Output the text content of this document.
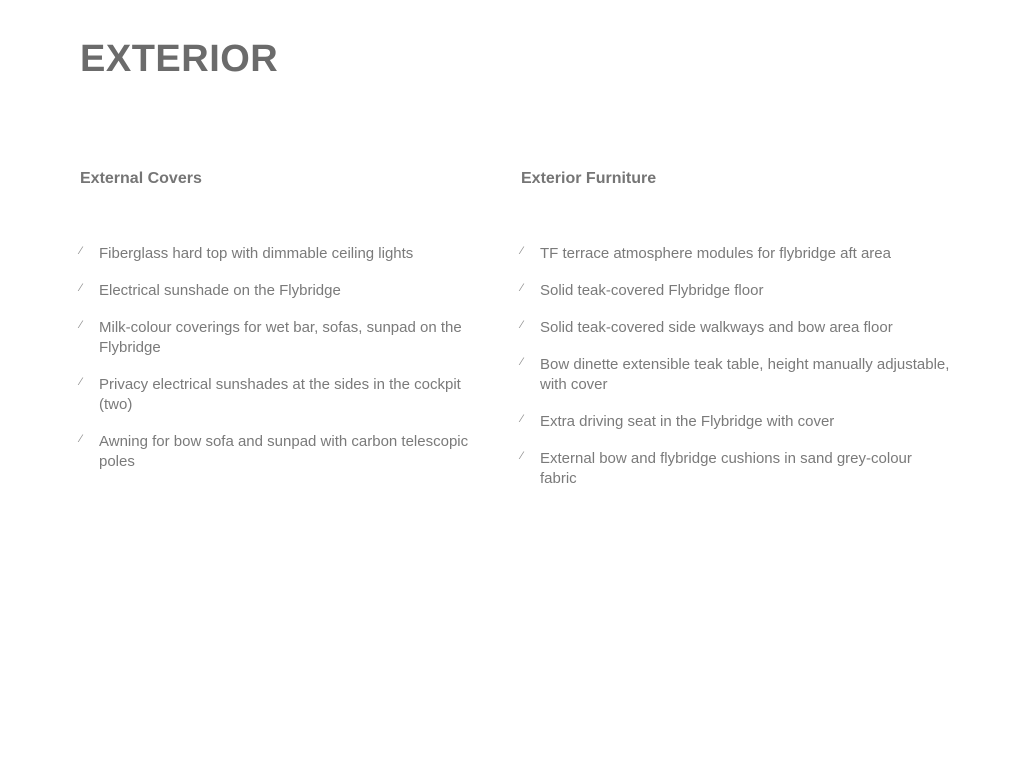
EXTERIOR
External Covers
⁄ Fiberglass hard top with dimmable ceiling lights
⁄ Electrical sunshade on the Flybridge
⁄ Milk-colour coverings for wet bar, sofas, sunpad on the Flybridge
⁄ Privacy electrical sunshades at the sides in the cockpit (two)
⁄ Awning for bow sofa and sunpad with carbon telescopic poles
Exterior Furniture
⁄ TF terrace atmosphere modules for flybridge aft area
⁄ Solid teak-covered Flybridge floor
⁄ Solid teak-covered side walkways and bow area floor
⁄ Bow dinette extensible teak table, height manually adjustable, with cover
⁄ Extra driving seat in the Flybridge with cover
⁄ External bow and flybridge cushions in sand grey-colour fabric
